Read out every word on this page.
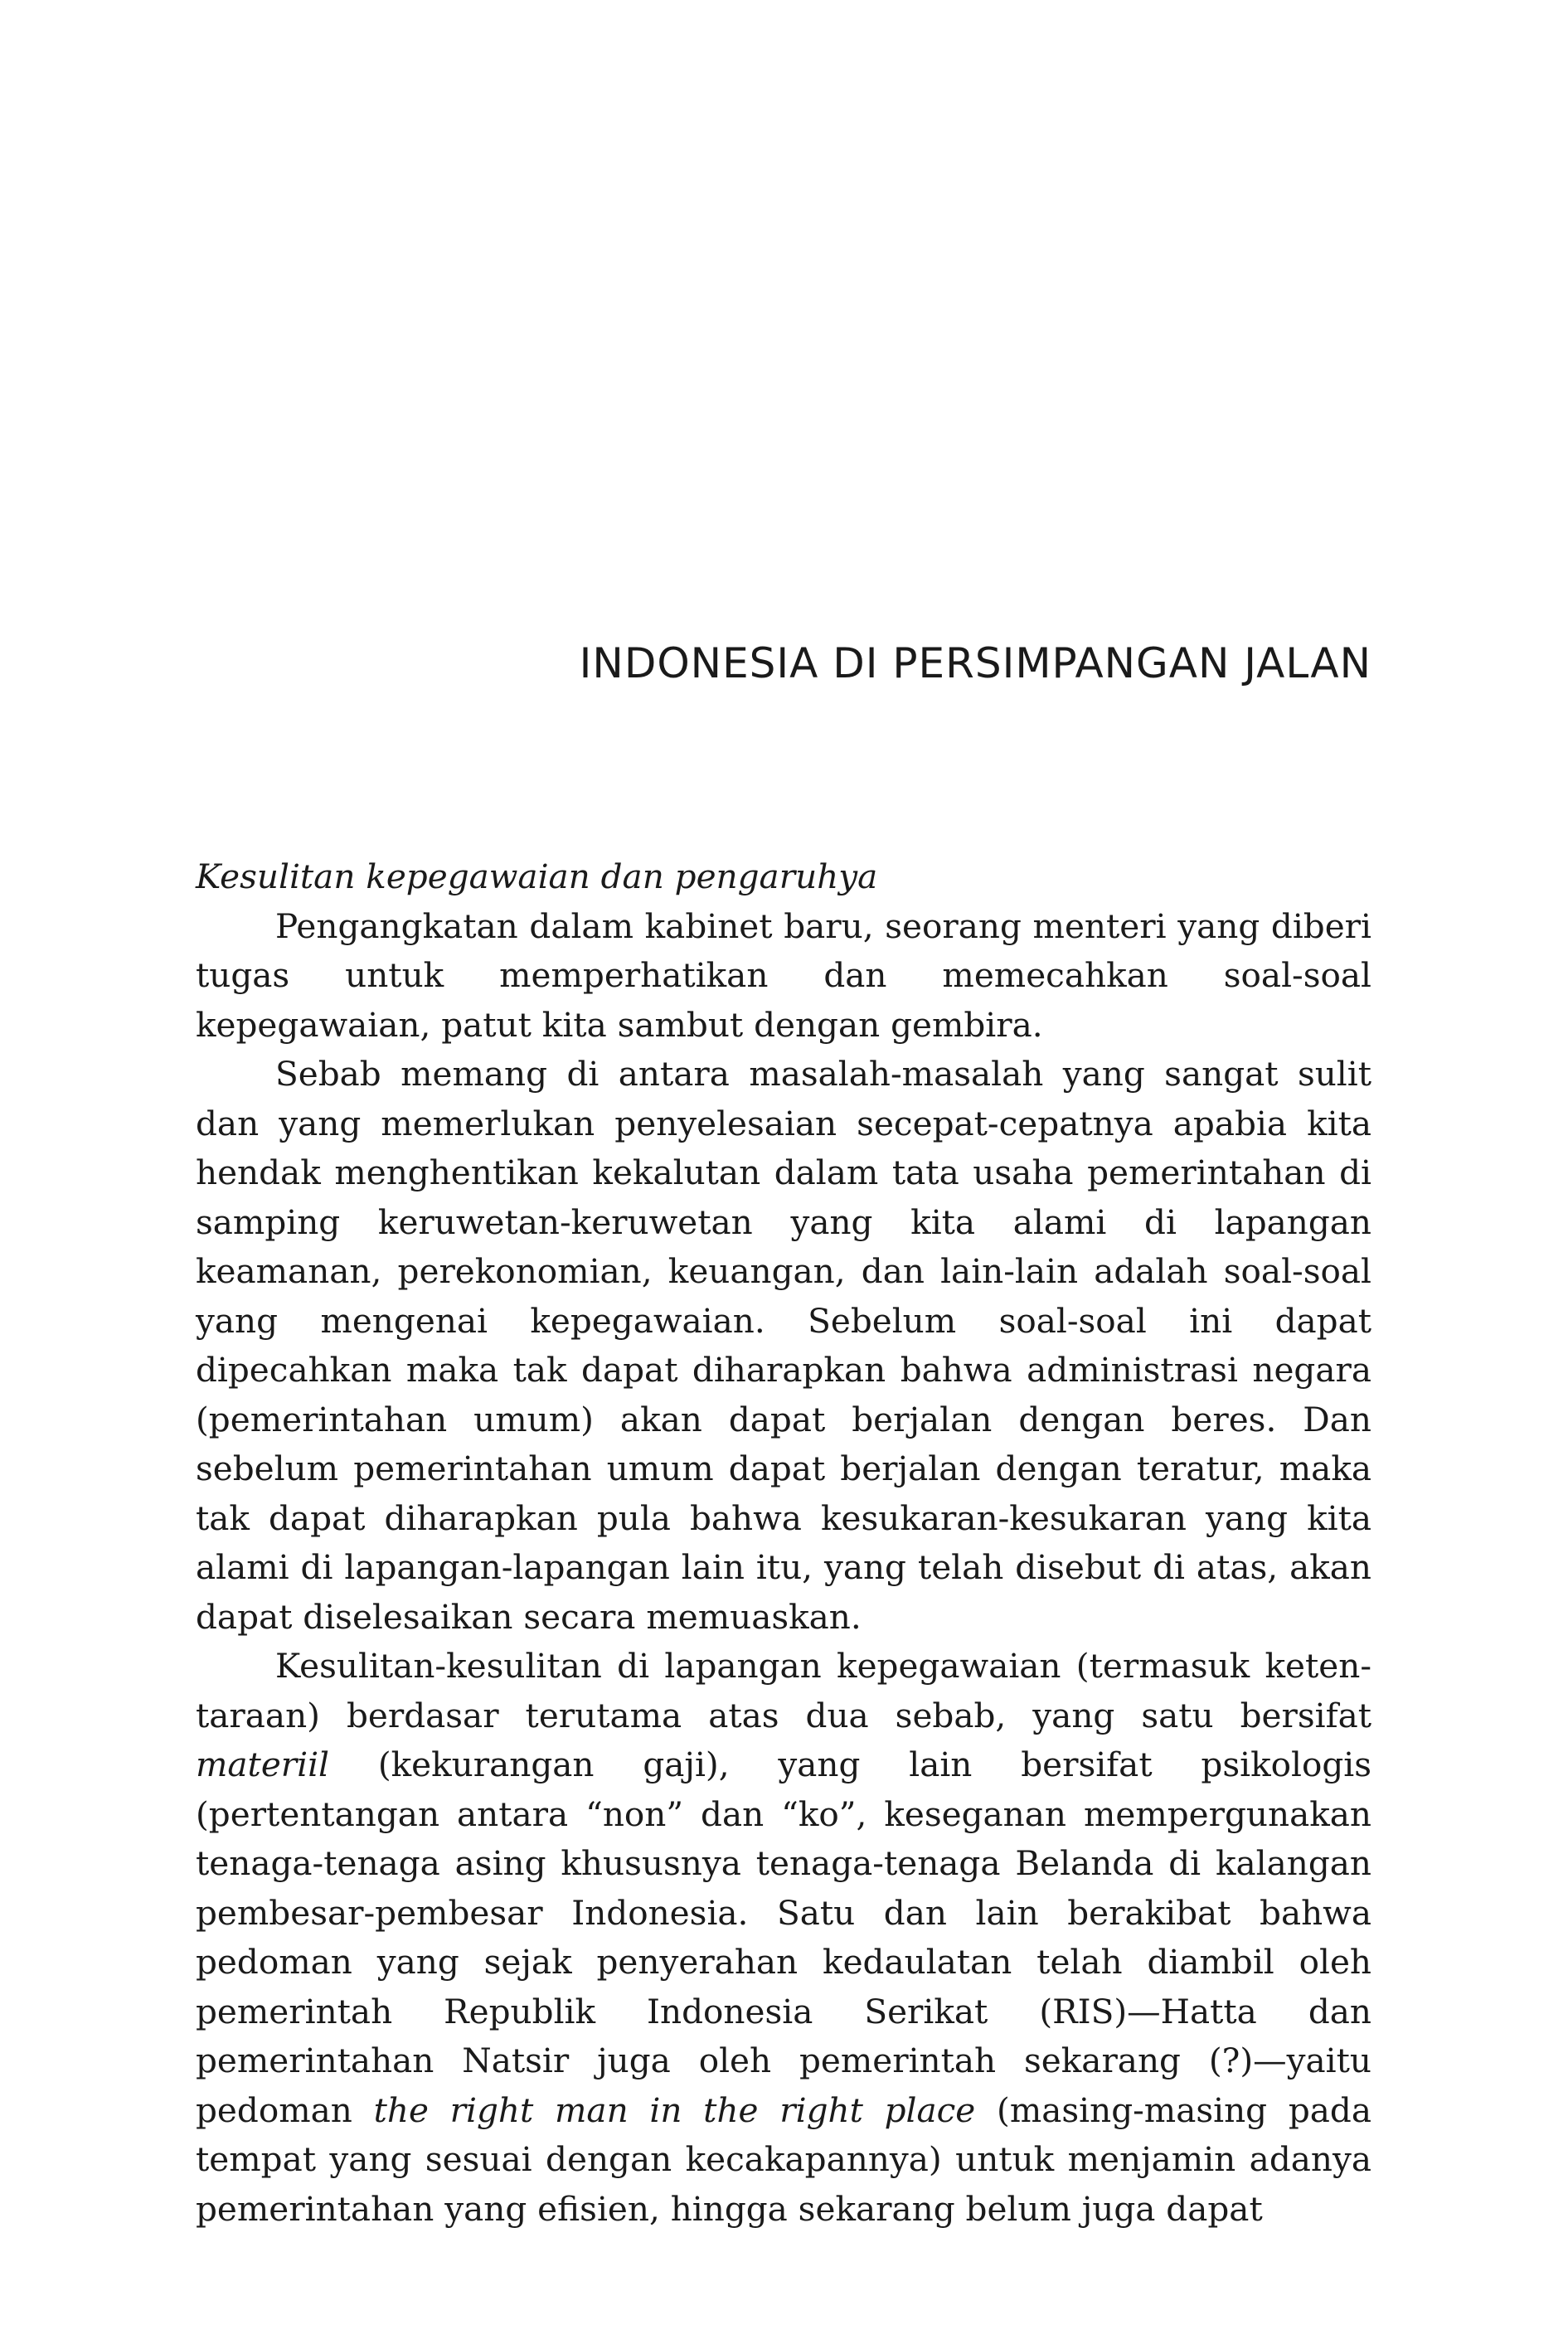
INDONESIA DI PERSIMPANGAN JALAN

Kesulitan kepegawaian dan pengaruhya

Pengangkatan dalam kabinet baru, seorang menteri yang diberi tugas untuk memperhatikan dan memecahkan soal-soal kepegawaian, patut kita sambut dengan gembira.

Sebab memang di antara masalah-masalah yang sangat sulit dan yang memerlukan penyelesaian secepat-cepatnya apabia kita hendak menghentikan kekalutan dalam tata usaha pemerintahan di samping keruwetan-keruwetan yang kita alami di lapangan keamanan, perekonomian, keuangan, dan lain-lain adalah soal-soal yang mengenai kepegawaian. Sebelum soal-soal ini dapat dipecahkan maka tak dapat diharapkan bahwa administrasi negara (pemerintahan umum) akan dapat berjalan dengan beres. Dan sebelum pemerintahan umum dapat berjalan dengan teratur, maka tak dapat diharapkan pula bahwa kesukaran-kesukaran yang kita alami di lapangan-lapangan lain itu, yang telah disebut di atas, akan dapat diselesaikan secara memuaskan.

Kesulitan-kesulitan di lapangan kepegawaian (termasuk ketentaraan) berdasar terutama atas dua sebab, yang satu bersifat materiil (kekurangan gaji), yang lain bersifat psikologis (pertentangan antara “non” dan “ko”, keseganan mempergunakan tenaga-tenaga asing khususnya tenaga-tenaga Belanda di kalangan pembesar-pembesar Indonesia. Satu dan lain berakibat bahwa pedoman yang sejak penyerahan kedaulatan telah diambil oleh pemerintah Republik Indonesia Serikat (RIS)—Hatta dan pemerintahan Natsir juga oleh pemerintah sekarang (?)—yaitu pedoman the right man in the right place (masing-masing pada tempat yang sesuai dengan kecakapannya) untuk menjamin adanya pemerintahan yang efisien, hingga sekarang belum juga dapat
